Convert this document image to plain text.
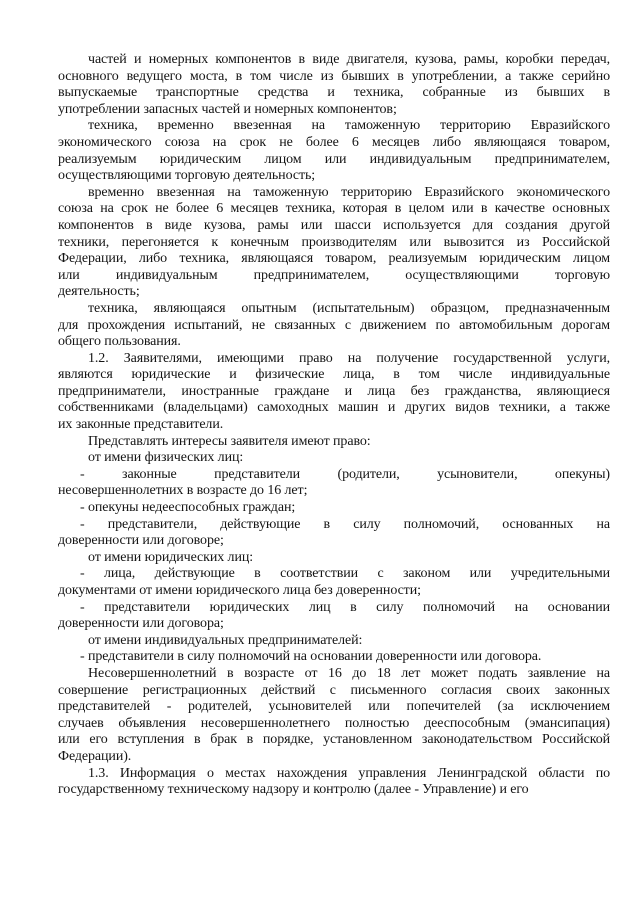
частей и номерных компонентов в виде двигателя, кузова, рамы, коробки передач,
основного ведущего моста, в том числе из бывших в употреблении, а также серийно
выпускаемые транспортные средства и техника, собранные из бывших в
употреблении запасных частей и номерных компонентов;
техника, временно ввезенная на таможенную территорию Евразийского
экономического союза на срок не более 6 месяцев либо являющаяся товаром,
реализуемым юридическим лицом или индивидуальным предпринимателем,
осуществляющими торговую деятельность;
временно ввезенная на таможенную территорию Евразийского экономического
союза на срок не более 6 месяцев техника, которая в целом или в качестве основных
компонентов в виде кузова, рамы или шасси используется для создания другой
техники, перегоняется к конечным производителям или вывозится из Российской
Федерации, либо техника, являющаяся товаром, реализуемым юридическим лицом
или индивидуальным предпринимателем, осуществляющими торговую
деятельность;
техника, являющаяся опытным (испытательным) образцом, предназначенным
для прохождения испытаний, не связанных с движением по автомобильным дорогам
общего пользования.
1.2. Заявителями, имеющими право на получение государственной услуги,
являются юридические и физические лица, в том числе индивидуальные
предприниматели, иностранные граждане и лица без гражданства, являющиеся
собственниками (владельцами) самоходных машин и других видов техники, а также
их законные представители.
Представлять интересы заявителя имеют право:
от имени физических лиц:
- законные представители (родители, усыновители, опекуны)
несовершеннолетних в возрасте до 16 лет;
- опекуны недееспособных граждан;
- представители, действующие в силу полномочий, основанных на
доверенности или договоре;
от имени юридических лиц:
- лица, действующие в соответствии с законом или учредительными
документами от имени юридического лица без доверенности;
- представители юридических лиц в силу полномочий на основании
доверенности или договора;
от имени индивидуальных предпринимателей:
- представители в силу полномочий на основании доверенности или договора.
Несовершеннолетний в возрасте от 16 до 18 лет может подать заявление на
совершение регистрационных действий с письменного согласия своих законных
представителей - родителей, усыновителей или попечителей (за исключением
случаев объявления несовершеннолетнего полностью дееспособным (эмансипация)
или его вступления в брак в порядке, установленном законодательством Российской
Федерации).
1.3. Информация о местах нахождения управления Ленинградской области по
государственному техническому надзору и контролю (далее - Управление) и его
